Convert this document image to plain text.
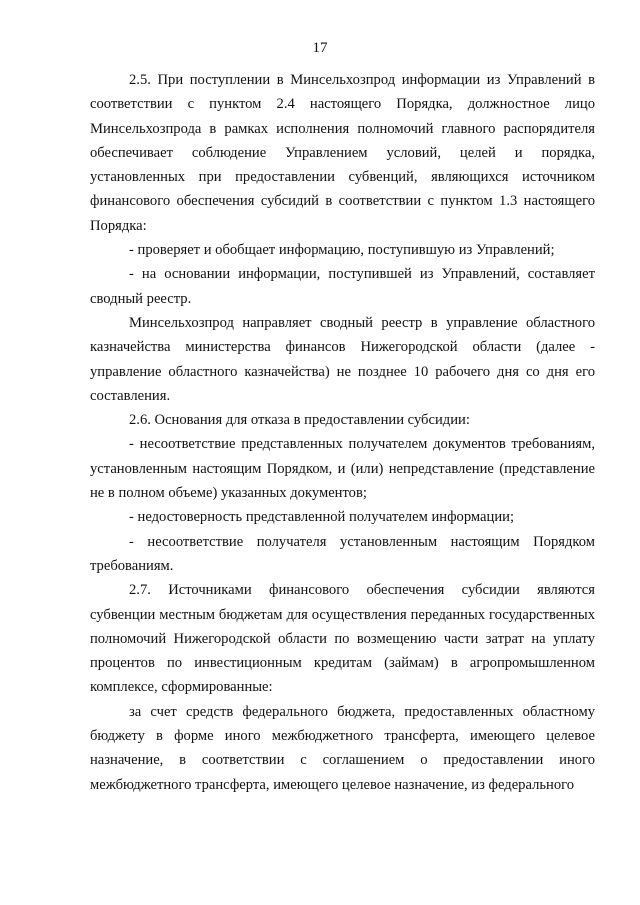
17

2.5. При поступлении в Минсельхозпрод информации из Управлений в соответствии с пунктом 2.4 настоящего Порядка, должностное лицо Минсельхозпрода в рамках исполнения полномочий главного распорядителя обеспечивает соблюдение Управлением условий, целей и порядка, установленных при предоставлении субвенций, являющихся источником финансового обеспечения субсидий в соответствии с пунктом 1.3 настоящего Порядка:

- проверяет и обобщает информацию, поступившую из Управлений;

- на основании информации, поступившей из Управлений, составляет сводный реестр.

Минсельхозпрод направляет сводный реестр в управление областного казначейства министерства финансов Нижегородской области (далее - управление областного казначейства) не позднее 10 рабочего дня со дня его составления.

2.6. Основания для отказа в предоставлении субсидии:

- несоответствие представленных получателем документов требованиям, установленным настоящим Порядком, и (или) непредставление (представление не в полном объеме) указанных документов;

- недостоверность представленной получателем информации;

- несоответствие получателя установленным настоящим Порядком требованиям.

2.7. Источниками финансового обеспечения субсидии являются субвенции местным бюджетам для осуществления переданных государственных полномочий Нижегородской области по возмещению части затрат на уплату процентов по инвестиционным кредитам (займам) в агропромышленном комплексе, сформированные:

за счет средств федерального бюджета, предоставленных областному бюджету в форме иного межбюджетного трансферта, имеющего целевое назначение, в соответствии с соглашением о предоставлении иного межбюджетного трансферта, имеющего целевое назначение, из федерального
